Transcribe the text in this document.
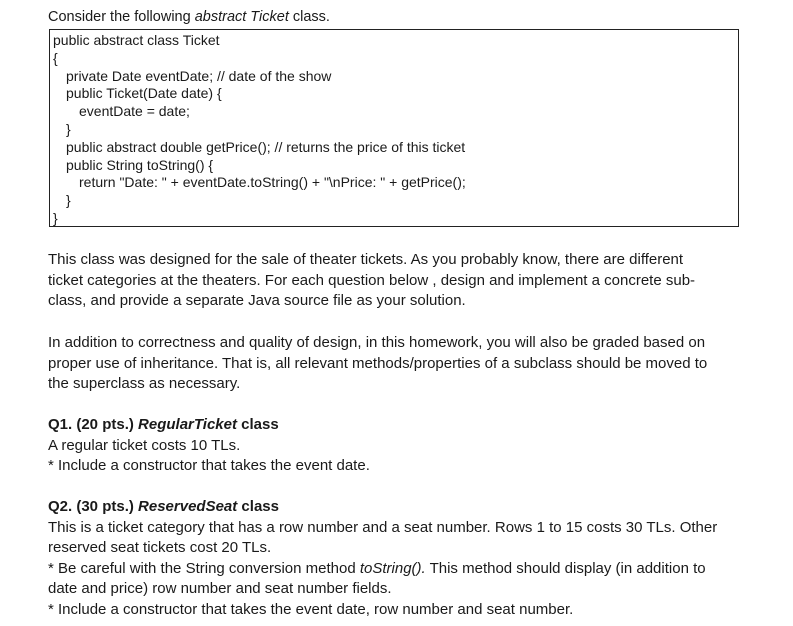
Consider the following abstract Ticket class.
public abstract class Ticket
{
private Date eventDate; // date of the show
public Ticket(Date date) {
eventDate = date;
}
public abstract double getPrice(); // returns the price of this ticket
public String toString() {
return "Date: " + eventDate.toString() + "\nPrice: " + getPrice();
}
}
This class was designed for the sale of theater tickets. As you probably know, there are different
ticket categories at the theaters. For each question below , design and implement a concrete sub-
class, and provide a separate Java source file as your solution.
In addition to correctness and quality of design, in this homework, you will also be graded based on
proper use of inheritance. That is, all relevant methods/properties of a subclass should be moved to
the superclass as necessary.
Q1. (20 pts.) RegularTicket class
A regular ticket costs 10 TLs.
* Include a constructor that takes the event date.
Q2. (30 pts.) ReservedSeat class
This is a ticket category that has a row number and a seat number. Rows 1 to 15 costs 30 TLs. Other
reserved seat tickets cost 20 TLs.
* Be careful with the String conversion method toString(). This method should display (in addition to
date and price) row number and seat number fields.
* Include a constructor that takes the event date, row number and seat number.
